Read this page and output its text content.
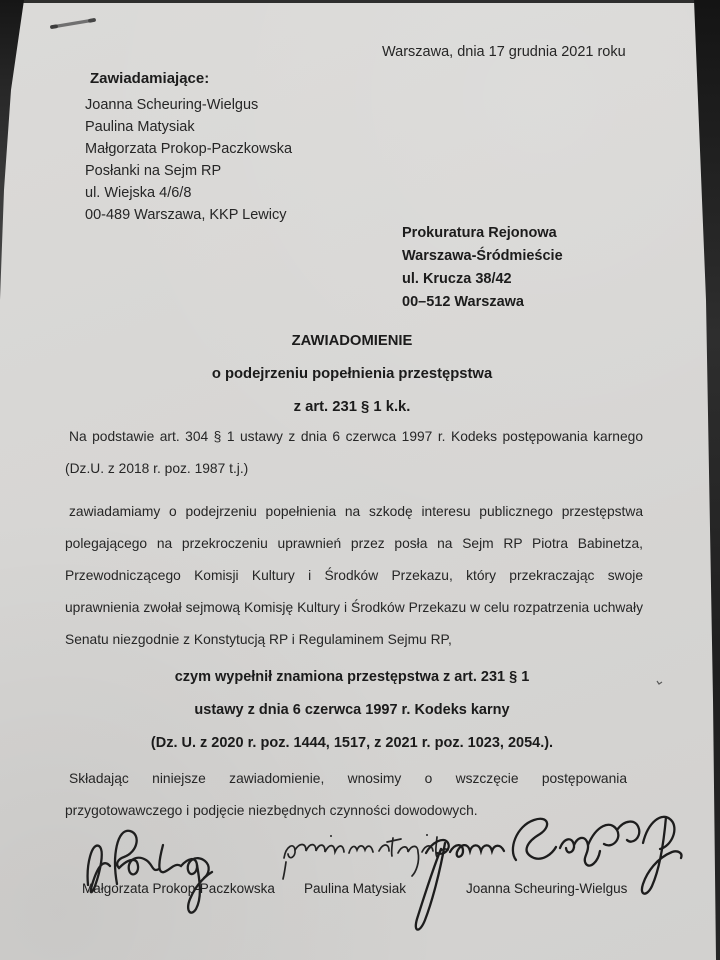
Warszawa, dnia 17 grudnia 2021 roku
Zawiadamiające:
Joanna Scheuring-Wielgus
Paulina Matysiak
Małgorzata Prokop-Paczkowska
Posłanki na Sejm RP
ul. Wiejska 4/6/8
00-489 Warszawa, KKP Lewicy
Prokuratura Rejonowa
Warszawa-Śródmieście
ul. Krucza 38/42
00–512 Warszawa
ZAWIADOMIENIE
o podejrzeniu popełnienia przestępstwa
z art. 231 § 1 k.k.
Na podstawie art. 304 § 1 ustawy z dnia 6 czerwca 1997 r. Kodeks postępowania karnego (Dz.U. z 2018 r. poz. 1987 t.j.)
zawiadamiamy o podejrzeniu popełnienia na szkodę interesu publicznego przestępstwa polegającego na przekroczeniu uprawnień przez posła na Sejm RP Piotra Babinetza, Przewodniczącego Komisji Kultury i Środków Przekazu, który przekraczając swoje uprawnienia zwołał sejmową Komisję Kultury i Środków Przekazu w celu rozpatrzenia uchwały Senatu niezgodnie z Konstytucją RP i Regulaminem Sejmu RP,
czym wypełnił znamiona przestępstwa z art. 231 § 1
ustawy z dnia 6 czerwca 1997 r. Kodeks karny
(Dz. U. z 2020 r. poz. 1444, 1517, z 2021 r. poz. 1023, 2054.).
Składając niniejsze zawiadomienie, wnosimy o wszczęcie postępowania przygotowawczego i podjęcie niezbędnych czynności dowodowych.
Małgorzata Prokop-Paczkowska Paulina Matysiak	Joanna Scheuring-Wielgus
